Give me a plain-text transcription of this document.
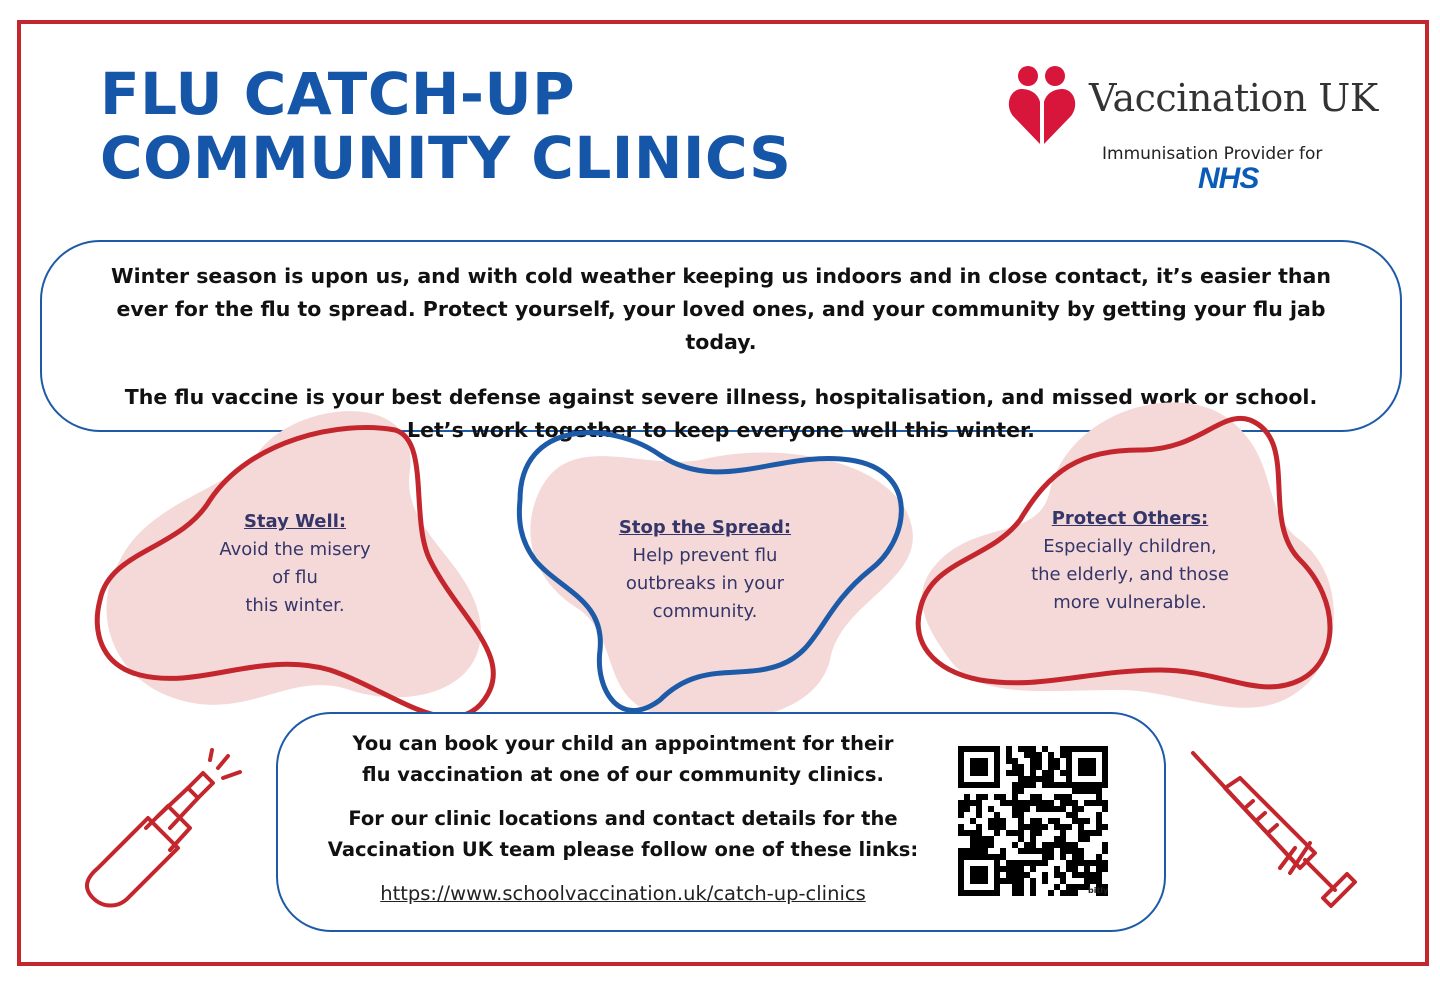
FLU CATCH-UP
COMMUNITY CLINICS
Vaccination UK
Immunisation Provider for
NHS

Winter season is upon us, and with cold weather keeping us indoors and in close contact, it’s easier than ever for the flu to spread. Protect yourself, your loved ones, and your community by getting your flu jab today.

The flu vaccine is your best defense against severe illness, hospitalisation, and missed work or school.
Let’s work together to keep everyone well this winter.

Stay Well:
Avoid the misery
of flu
this winter.
Stop the Spread:
Help prevent flu
outbreaks in your
community.
Protect Others:
Especially children,
the elderly, and those
more vulnerable.

You can book your child an appointment for their flu vaccination at one of our community clinics.

For our clinic locations and contact details for the Vaccination UK team please follow one of these links:

https://www.schoolvaccination.uk/catch-up-clinics	bitly
